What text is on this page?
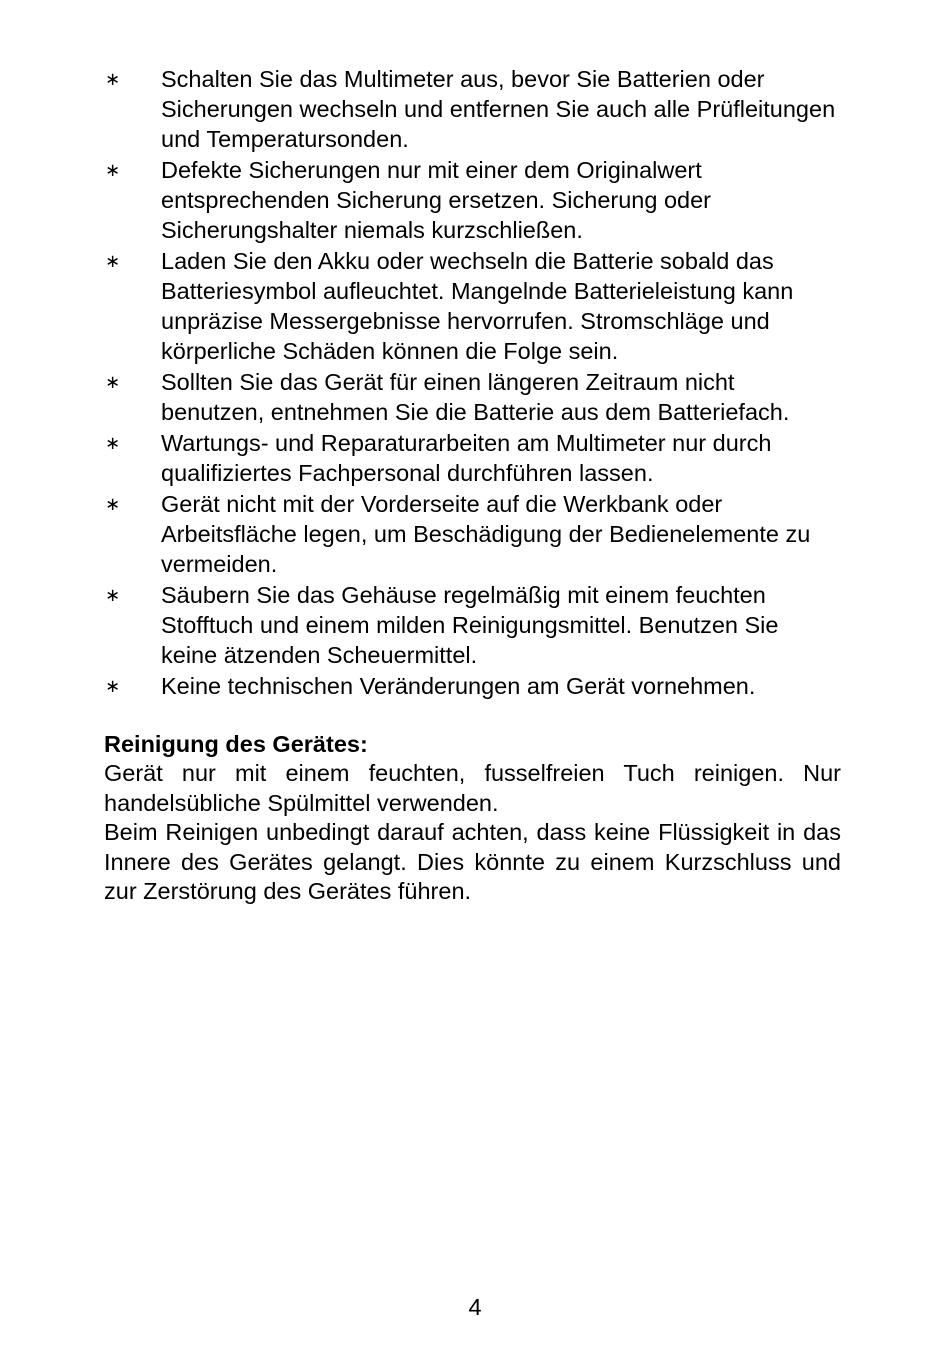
∗	Schalten Sie das Multimeter aus, bevor Sie Batterien oder Sicherungen wechseln und entfernen Sie auch alle Prüfleitungen und Temperatursonden.
∗	Defekte Sicherungen nur mit einer dem Originalwert entsprechenden Sicherung ersetzen. Sicherung oder Sicherungshalter niemals kurzschließen.
∗	Laden Sie den Akku oder wechseln die Batterie sobald das Batteriesymbol aufleuchtet. Mangelnde Batterieleistung kann unpräzise Messergebnisse hervorrufen. Stromschläge und körperliche Schäden können die Folge sein.
∗	Sollten Sie das Gerät für einen längeren Zeitraum nicht benutzen, entnehmen Sie die Batterie aus dem Batteriefach.
∗	Wartungs- und Reparaturarbeiten am Multimeter nur durch qualifiziertes Fachpersonal durchführen lassen.
∗	Gerät nicht mit der Vorderseite auf die Werkbank oder Arbeitsfläche legen, um Beschädigung der Bedienelemente zu vermeiden.
∗	Säubern Sie das Gehäuse regelmäßig mit einem feuchten Stofftuch und einem milden Reinigungsmittel. Benutzen Sie keine ätzenden Scheuermittel.
∗	Keine technischen Veränderungen am Gerät vornehmen.
Reinigung des Gerätes:

Gerät nur mit einem feuchten, fusselfreien Tuch reinigen. Nur handelsübliche Spülmittel verwenden.

Beim Reinigen unbedingt darauf achten, dass keine Flüssigkeit in das Innere des Gerätes gelangt. Dies könnte zu einem Kurzschluss und zur Zerstörung des Gerätes führen.

4
